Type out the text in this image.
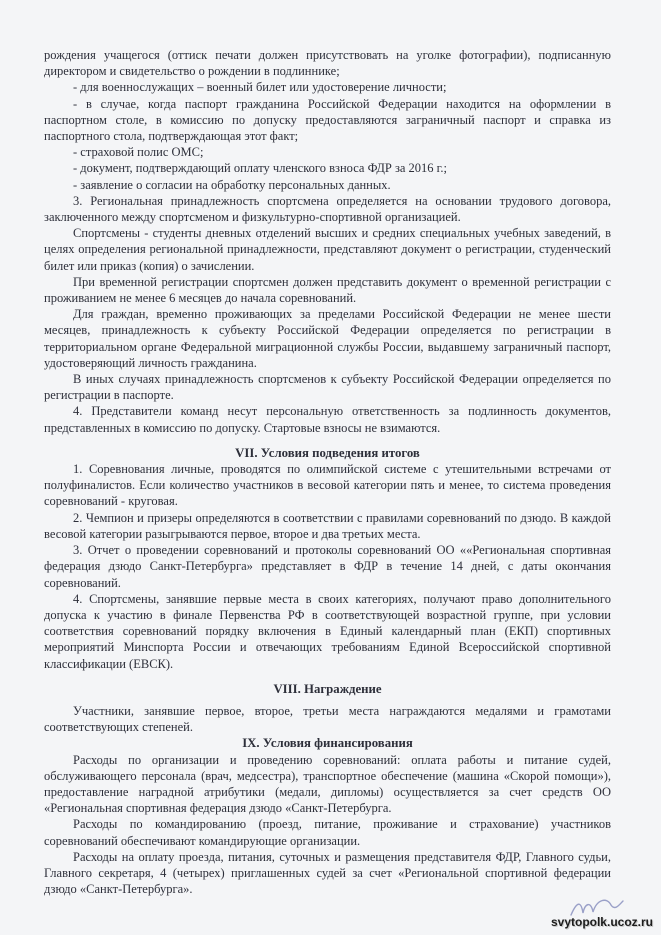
рождения учащегося (оттиск печати должен присутствовать на уголке фотографии), подписанную директором и свидетельство о рождении в подлиннике;

- для военнослужащих – военный билет или удостоверение личности;

- в случае, когда паспорт гражданина Российской Федерации находится на оформлении в паспортном столе, в комиссию по допуску предоставляются заграничный паспорт и справка из паспортного стола, подтверждающая этот факт;

- страховой полис ОМС;

- документ, подтверждающий оплату членского взноса ФДР за 2016 г.;

- заявление о согласии на обработку персональных данных.

3. Региональная принадлежность спортсмена определяется на основании трудового договора, заключенного между спортсменом и физкультурно-спортивной организацией.

Спортсмены - студенты дневных отделений высших и средних специальных учебных заведений, в целях определения региональной принадлежности, представляют документ о регистрации, студенческий билет или приказ (копия) о зачислении.

При временной регистрации спортсмен должен представить документ о временной регистрации с проживанием не менее 6 месяцев до начала соревнований.

Для граждан, временно проживающих за пределами Российской Федерации не менее шести месяцев, принадлежность к субъекту Российской Федерации определяется по регистрации в территориальном органе Федеральной миграционной службы России, выдавшему заграничный паспорт, удостоверяющий личность гражданина.

В иных случаях принадлежность спортсменов к субъекту Российской Федерации определяется по регистрации в паспорте.

4. Представители команд несут персональную ответственность за подлинность документов, представленных в комиссию по допуску. Стартовые взносы не взимаются.

VII. Условия подведения итогов

1. Соревнования личные, проводятся по олимпийской системе с утешительными встречами от полуфиналистов. Если количество участников в весовой категории пять и менее, то система проведения соревнований - круговая.

2. Чемпион и призеры определяются в соответствии с правилами соревнований по дзюдо. В каждой весовой категории разыгрываются первое, второе и два третьих места.

3. Отчет о проведении соревнований и протоколы соревнований ОО ««Региональная спортивная федерация дзюдо Санкт-Петербурга» представляет в ФДР в течение 14 дней, с даты окончания соревнований.

4. Спортсмены, занявшие первые места в своих категориях, получают право дополнительного допуска к участию в финале Первенства РФ в соответствующей возрастной группе, при условии соответствия соревнований порядку включения в Единый календарный план (ЕКП) спортивных мероприятий Минспорта России и отвечающих требованиям Единой Всероссийской спортивной классификации (ЕВСК).

VIII. Награждение

Участники, занявшие первое, второе, третьи места награждаются медалями и грамотами соответствующих степеней.

IX. Условия финансирования

Расходы по организации и проведению соревнований: оплата работы и питание судей, обслуживающего персонала (врач, медсестра), транспортное обеспечение (машина «Скорой помощи»), предоставление наградной атрибутики (медали, дипломы) осуществляется за счет средств ОО «Региональная спортивная федерация дзюдо «Санкт-Петербурга.

Расходы по командированию (проезд, питание, проживание и страхование) участников соревнований обеспечивают командирующие организации.

Расходы на оплату проезда, питания, суточных и размещения представителя ФДР, Главного судьи, Главного секретаря, 4 (четырех) приглашенных судей за счет «Региональной спортивной федерации дзюдо «Санкт-Петербурга».

svytopolk.ucoz.ru
